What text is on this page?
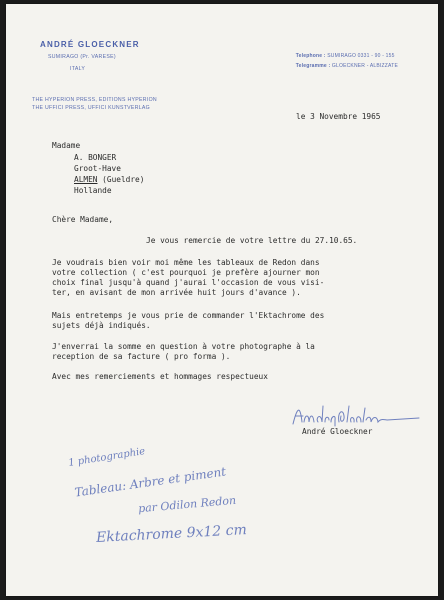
ANDRÉ GLOECKNER
SUMIRAGO (Pr. VARESE)
ITALY
THE HYPERION PRESS, EDITIONS HYPERION
THE UFFICI PRESS, UFFICI KUNSTVERLAG
Telephone : SUMIRAGO 0331 - 90 - 155
Telegramme : GLOECKNER - ALBIZZATE
le 3 Novembre 1965
Madame
A. BONGER
Groot-Have
ALMEN (Gueldre)
Hollande
Chère Madame,
Je vous remercie de votre lettre du 27.10.65.
Je voudrais bien voir moi même les tableaux de Redon dans
votre collection ( c'est pourquoi je prefère ajourner mon
choix final jusqu'à quand j'aurai l'occasion de vous visi-
ter, en avisant de mon arrivée huit jours d'avance ).
Mais entretemps je vous prie de commander l'Ektachrome des
sujets déjà indiqués.
J'enverrai la somme en question à votre photographe à la
reception de sa facture ( pro forma ).
Avec mes remerciements et hommages respectueux
André Gloeckner
1 photographie
Tableau: Arbre et piment
par Odilon Redon
Ektachrome 9x12 cm
